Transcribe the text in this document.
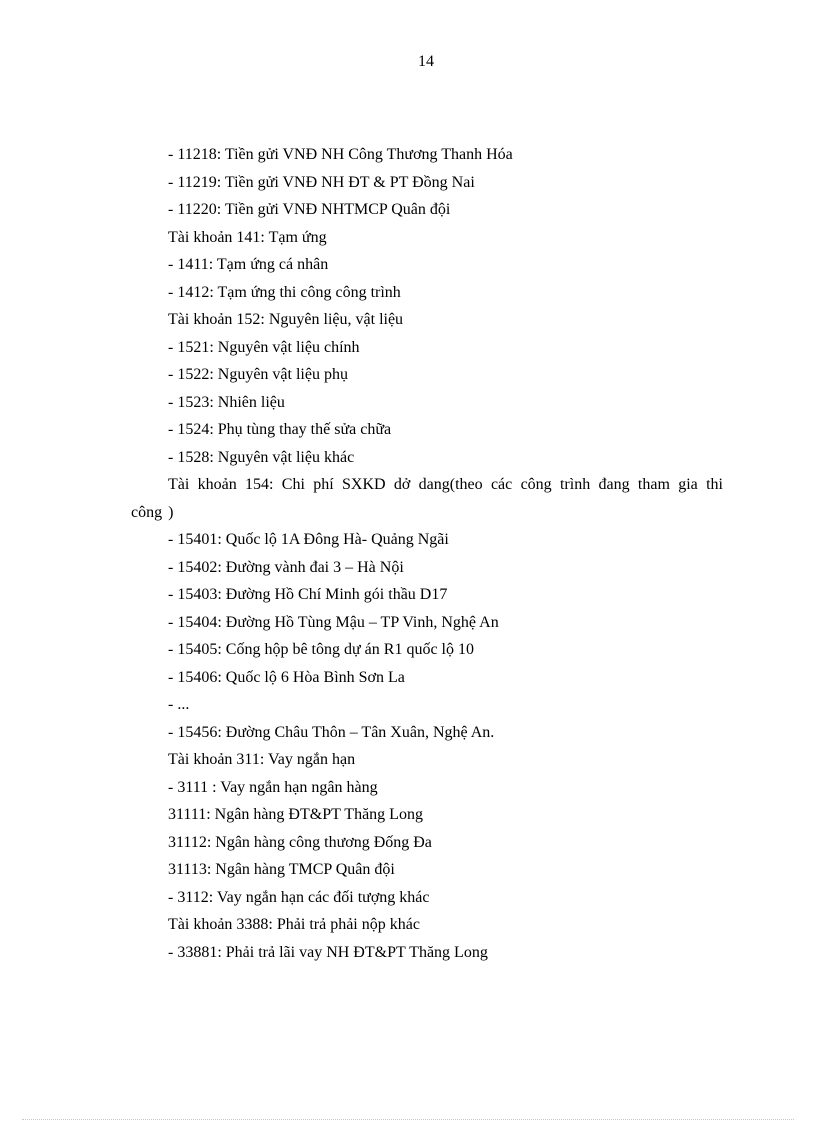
14
- 11218: Tiền gửi VNĐ NH Công Thương Thanh Hóa
- 11219: Tiền gửi VNĐ NH ĐT & PT Đồng Nai
- 11220: Tiền gửi VNĐ NHTMCP Quân đội
Tài khoản 141: Tạm ứng
- 1411: Tạm ứng cá nhân
- 1412: Tạm ứng thi công công trình
Tài khoản 152: Nguyên liệu, vật liệu
- 1521: Nguyên vật liệu chính
- 1522: Nguyên vật liệu phụ
- 1523: Nhiên liệu
- 1524: Phụ tùng thay thế sửa chữa
- 1528: Nguyên vật liệu khác
Tài khoản 154: Chi phí SXKD dở dang(theo các công trình đang tham gia thi công )
- 15401: Quốc lộ 1A Đông Hà- Quảng Ngãi
- 15402: Đường vành đai 3 – Hà Nội
- 15403: Đường Hồ Chí Minh gói thầu D17
- 15404: Đường Hồ Tùng Mậu – TP Vinh, Nghệ An
- 15405: Cống hộp bê tông dự án R1 quốc lộ 10
- 15406: Quốc lộ 6 Hòa Bình Sơn La
- ...
- 15456: Đường Châu Thôn – Tân Xuân, Nghệ An.
Tài khoản 311: Vay ngắn hạn
- 3111 : Vay ngắn hạn ngân hàng
31111: Ngân hàng ĐT&PT Thăng Long
31112: Ngân hàng công thương Đống Đa
31113: Ngân hàng TMCP Quân đội
- 3112: Vay ngắn hạn các đối tượng khác
Tài khoản 3388: Phải trả phải nộp khác
- 33881: Phải trả lãi vay NH ĐT&PT Thăng Long
